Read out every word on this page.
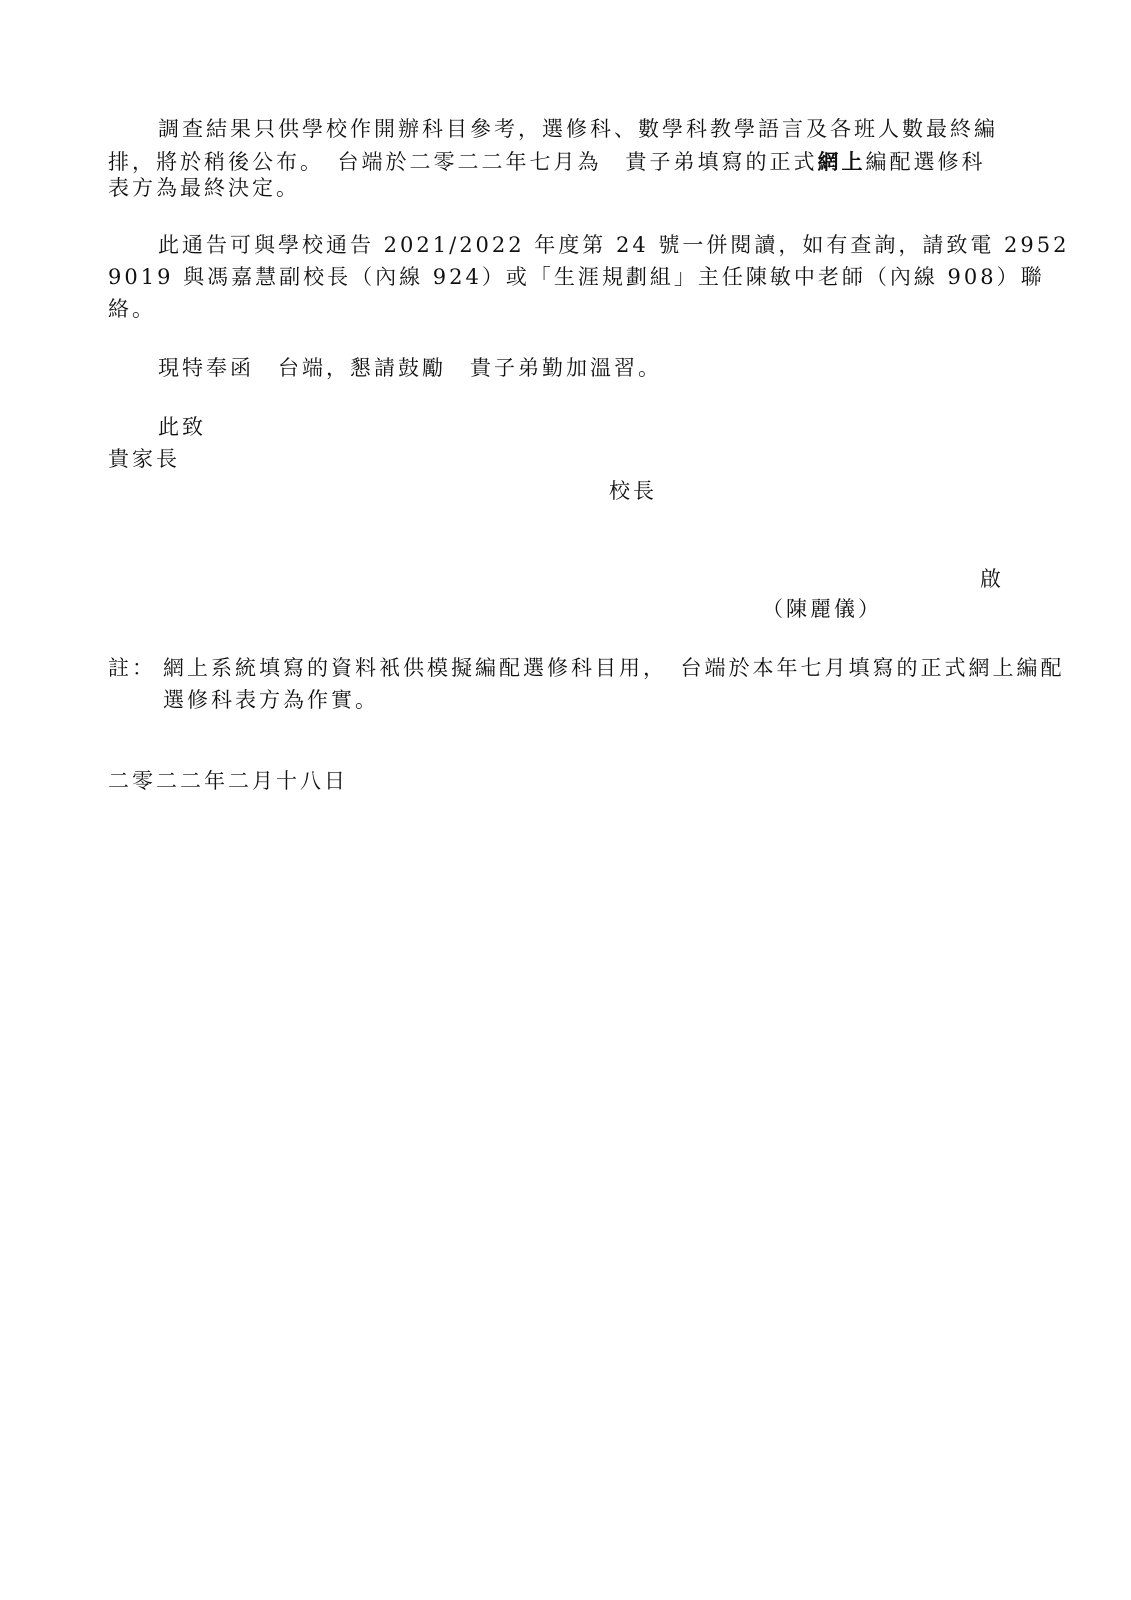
調查結果只供學校作開辦科目參考，選修科、數學科教學語言及各班人數最終編
排，將於稍後公布。　台端於二零二二年七月為　貴子弟填寫的正式網上編配選修科
表方為最終決定。
此通告可與學校通告 2021/2022 年度第 24 號一併閱讀，如有查詢，請致電 2952
9019 與馮嘉慧副校長（內線 924）或「生涯規劃組」主任陳敏中老師（內線 908）聯
絡。
現特奉函　台端，懇請鼓勵　貴子弟勤加溫習。
此致
貴家長
校長
啟
（陳麗儀）
註： 網上系統填寫的資料衹供模擬編配選修科目用，　台端於本年七月填寫的正式網上編配
選修科表方為作實。
二零二二年二月十八日
